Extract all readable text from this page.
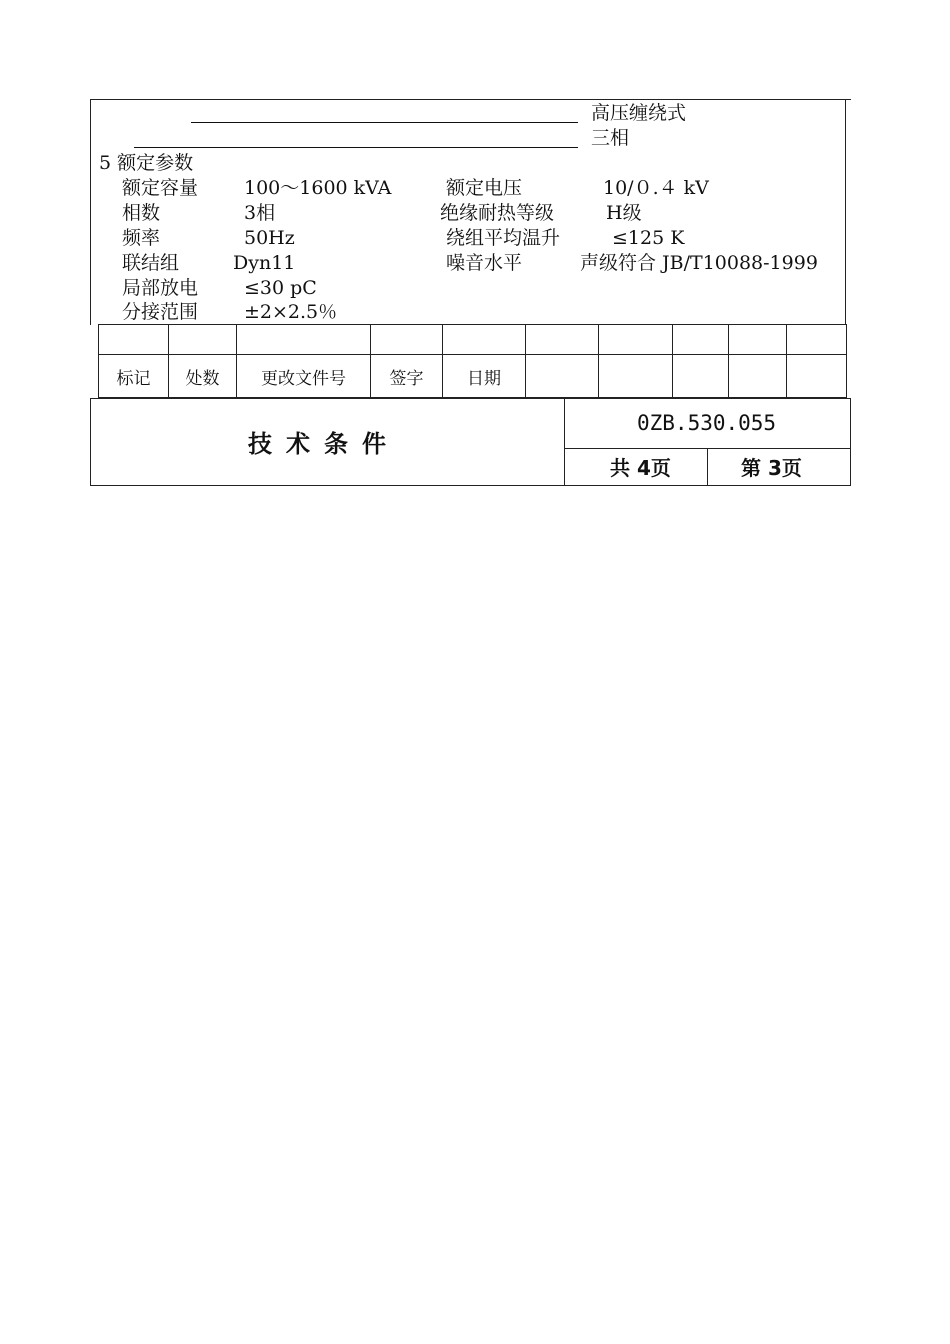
高压缠绕式
三相
5 额定参数
额定容量 100～1600 kVA	额定电压	10/０.４ kV
相数	3相	绝缘耐热等级	H级
频率	50Hz	绕组平均温升	≤125 K
联结组	Dyn11	噪音水平	声级符合 JB/T10088-1999
局部放电 ≤30 pC
分接范围 ±2×2.5％

标记	处数	更改文件号	签字	日期					
技术条件
0ZB.530.055
共 4页	第 3页
